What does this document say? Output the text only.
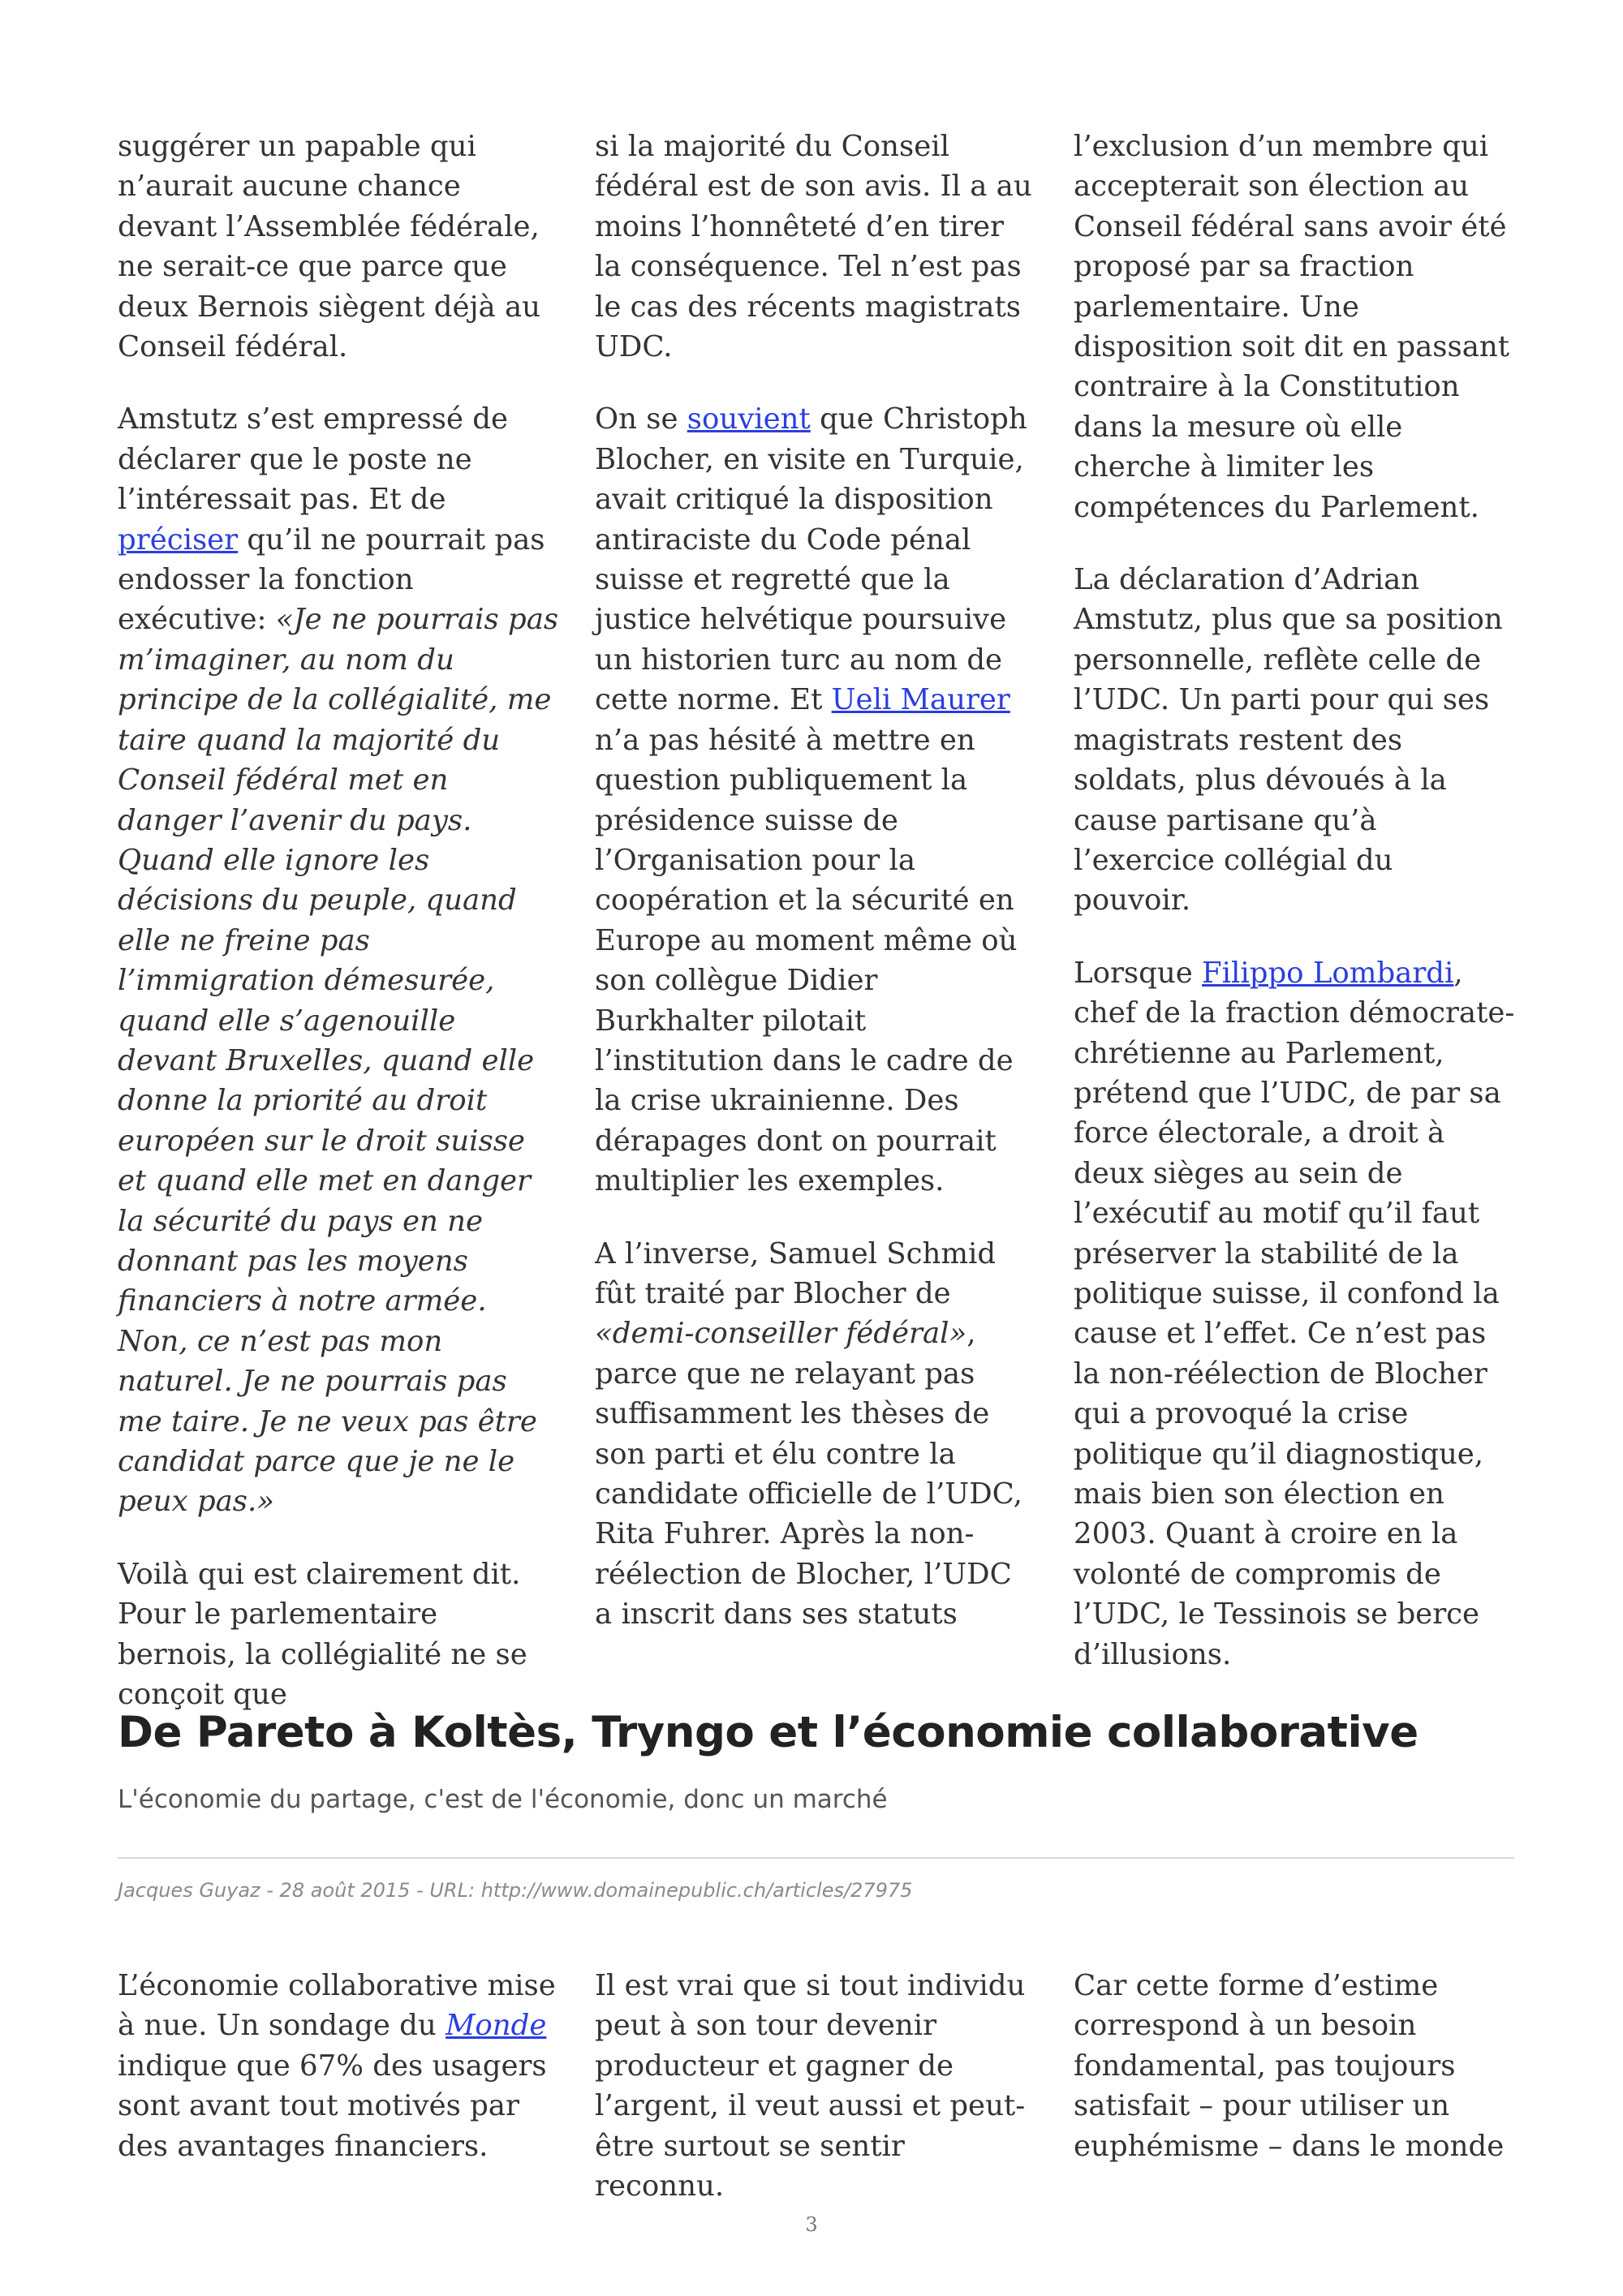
suggérer un papable qui n’aurait aucune chance devant l’Assemblée fédérale, ne serait-ce que parce que deux Bernois siègent déjà au Conseil fédéral.

Amstutz s’est empressé de déclarer que le poste ne l’intéressait pas. Et de préciser qu’il ne pourrait pas endosser la fonction exécutive: «Je ne pourrais pas m’imaginer, au nom du principe de la collégialité, me taire quand la majorité du Conseil fédéral met en danger l’avenir du pays. Quand elle ignore les décisions du peuple, quand elle ne freine pas l’immigration démesurée, quand elle s’agenouille devant Bruxelles, quand elle donne la priorité au droit européen sur le droit suisse et quand elle met en danger la sécurité du pays en ne donnant pas les moyens financiers à notre armée. Non, ce n’est pas mon naturel. Je ne pourrais pas me taire. Je ne veux pas être candidat parce que je ne le peux pas.»

Voilà qui est clairement dit. Pour le parlementaire bernois, la collégialité ne se conçoit que

si la majorité du Conseil fédéral est de son avis. Il a au moins l’honnêteté d’en tirer la conséquence. Tel n’est pas le cas des récents magistrats UDC.

On se souvient que Christoph Blocher, en visite en Turquie, avait critiqué la disposition antiraciste du Code pénal suisse et regretté que la justice helvétique poursuive un historien turc au nom de cette norme. Et Ueli Maurer n’a pas hésité à mettre en question publiquement la présidence suisse de l’Organisation pour la coopération et la sécurité en Europe au moment même où son collègue Didier Burkhalter pilotait l’institution dans le cadre de la crise ukrainienne. Des dérapages dont on pourrait multiplier les exemples.

A l’inverse, Samuel Schmid fût traité par Blocher de «demi-conseiller fédéral», parce que ne relayant pas suffisamment les thèses de son parti et élu contre la candidate officielle de l’UDC, Rita Fuhrer. Après la non-réélection de Blocher, l’UDC a inscrit dans ses statuts

l’exclusion d’un membre qui accepterait son élection au Conseil fédéral sans avoir été proposé par sa fraction parlementaire. Une disposition soit dit en passant contraire à la Constitution dans la mesure où elle cherche à limiter les compétences du Parlement.

La déclaration d’Adrian Amstutz, plus que sa position personnelle, reflète celle de l’UDC. Un parti pour qui ses magistrats restent des soldats, plus dévoués à la cause partisane qu’à l’exercice collégial du pouvoir.

Lorsque Filippo Lombardi, chef de la fraction démocrate-chrétienne au Parlement, prétend que l’UDC, de par sa force électorale, a droit à deux sièges au sein de l’exécutif au motif qu’il faut préserver la stabilité de la politique suisse, il confond la cause et l’effet. Ce n’est pas la non-réélection de Blocher qui a provoqué la crise politique qu’il diagnostique, mais bien son élection en 2003. Quant à croire en la volonté de compromis de l’UDC, le Tessinois se berce d’illusions.

De Pareto à Koltès, Tryngo et l’économie collaborative

L'économie du partage, c'est de l'économie, donc un marché

Jacques Guyaz - 28 août 2015 - URL: http://www.domainepublic.ch/articles/27975

L’économie collaborative mise à nue. Un sondage du Monde indique que 67% des usagers sont avant tout motivés par des avantages financiers.

Il est vrai que si tout individu peut à son tour devenir producteur et gagner de l’argent, il veut aussi et peut-être surtout se sentir reconnu.

Car cette forme d’estime correspond à un besoin fondamental, pas toujours satisfait – pour utiliser un euphémisme – dans le monde

3
